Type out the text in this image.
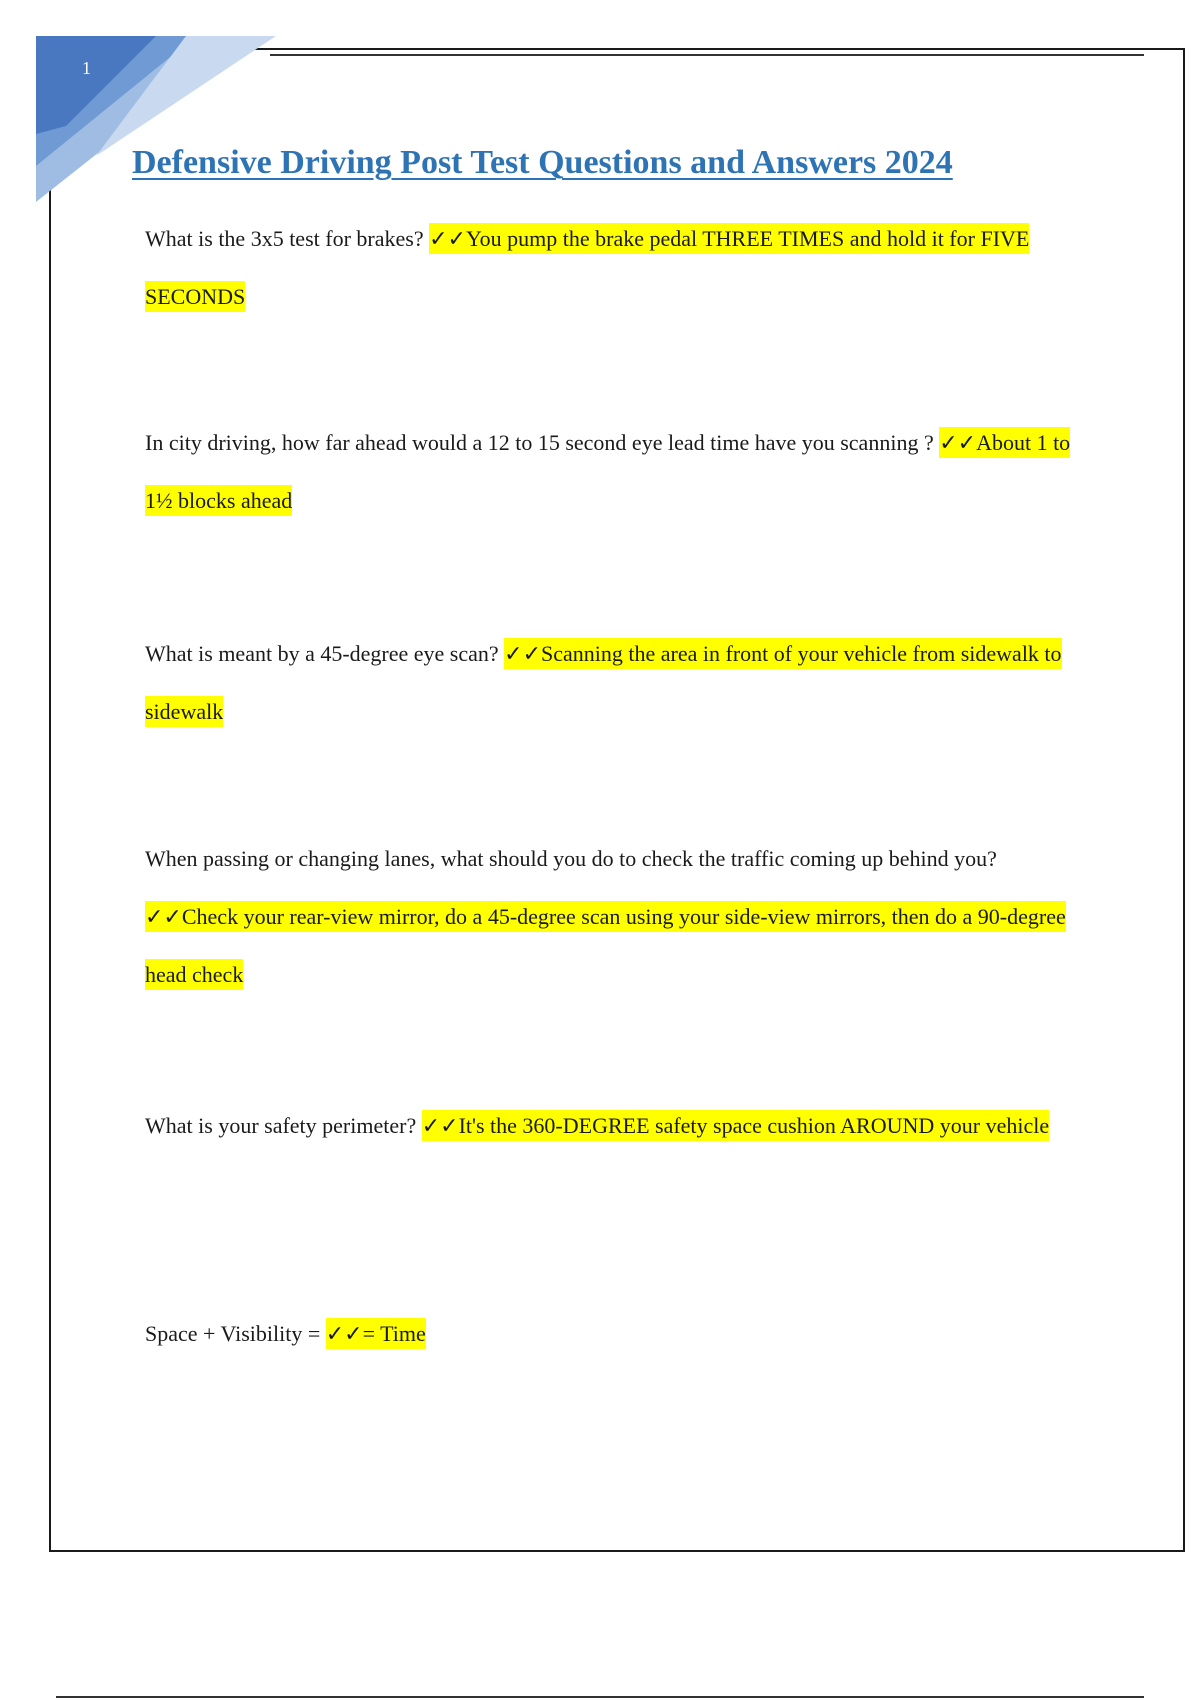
1
Defensive Driving Post Test Questions and Answers 2024
What is the 3x5 test for brakes? ✓✓You pump the brake pedal THREE TIMES and hold it for FIVE SECONDS
In city driving, how far ahead would a 12 to 15 second eye lead time have you scanning ? ✓✓About 1 to 1½ blocks ahead
What is meant by a 45-degree eye scan? ✓✓Scanning the area in front of your vehicle from sidewalk to sidewalk
When passing or changing lanes, what should you do to check the traffic coming up behind you? ✓✓Check your rear-view mirror, do a 45-degree scan using your side-view mirrors, then do a 90-degree head check
What is your safety perimeter? ✓✓It's the 360-DEGREE safety space cushion AROUND your vehicle
Space + Visibility = ✓✓= Time
